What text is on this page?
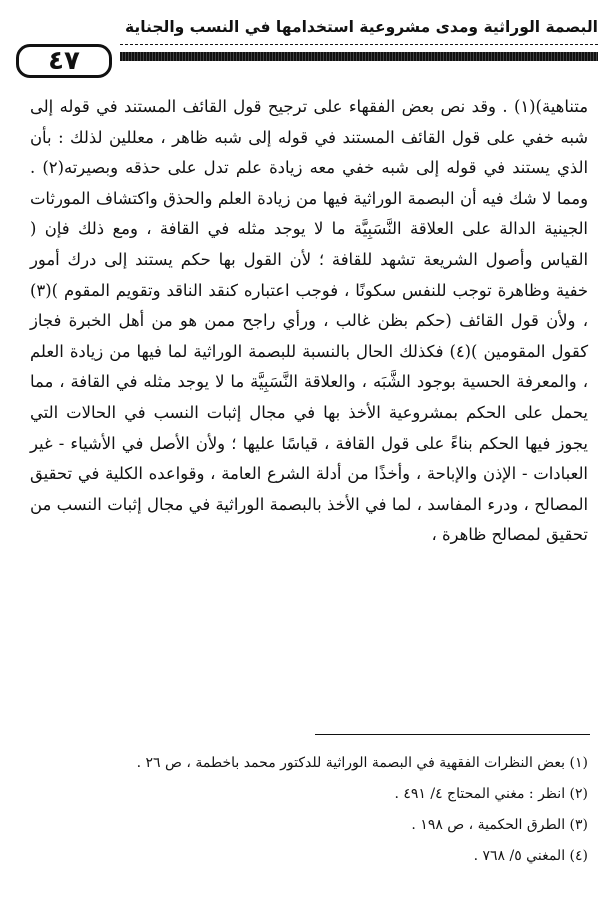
٤٧
البصمة الوراثية ومدى مشروعية استخدامها في النسب والجناية

متناهية)(١) . وقد نص بعض الفقهاء على ترجيح قول القائف المستند في قوله إلى شبه خفي على قول القائف المستند في قوله إلى شبه ظاهر ، معللين لذلك : بأن الذي يستند في قوله إلى شبه خفي معه زيادة علم تدل على حذقه وبصيرته(٢) . ومما لا شك فيه أن البصمة الوراثية فيها من زيادة العلم والحذق واكتشاف المورثات الجينية الدالة على العلاقة النَّسَبِيَّة ما لا يوجد مثله في القافة ، ومع ذلك فإن ( القياس وأصول الشريعة تشهد للقافة ؛ لأن القول بها حكم يستند إلى درك أمور خفية وظاهرة توجب للنفس سكونًا ، فوجب اعتباره كنقد الناقد وتقويم المقوم )(٣) ، ولأن قول القائف (حكم بظن غالب ، ورأي راجح ممن هو من أهل الخبرة فجاز كقول المقومين )(٤) فكذلك الحال بالنسبة للبصمة الوراثية لما فيها من زيادة العلم ، والمعرفة الحسية بوجود الشَّبَه ، والعلاقة النَّسَبِيَّة ما لا يوجد مثله في القافة ، مما يحمل على الحكم بمشروعية الأخذ بها في مجال إثبات النسب في الحالات التي يجوز فيها الحكم بناءً على قول القافة ، قياسًا عليها ؛ ولأن الأصل في الأشياء - غير العبادات - الإذن والإباحة ، وأخذًا من أدلة الشرع العامة ، وقواعده الكلية في تحقيق المصالح ، ودرء المفاسد ، لما في الأخذ بالبصمة الوراثية في مجال إثبات النسب من تحقيق لمصالح ظاهرة ،

(١) بعض النظرات الفقهية في البصمة الوراثية للدكتور محمد باخطمة ، ص ٢٦ .
(٢) انظر : مغني المحتاج ٤/ ٤٩١ .
(٣) الطرق الحكمية ، ص ١٩٨ .
(٤) المغني ٥/ ٧٦٨ .
